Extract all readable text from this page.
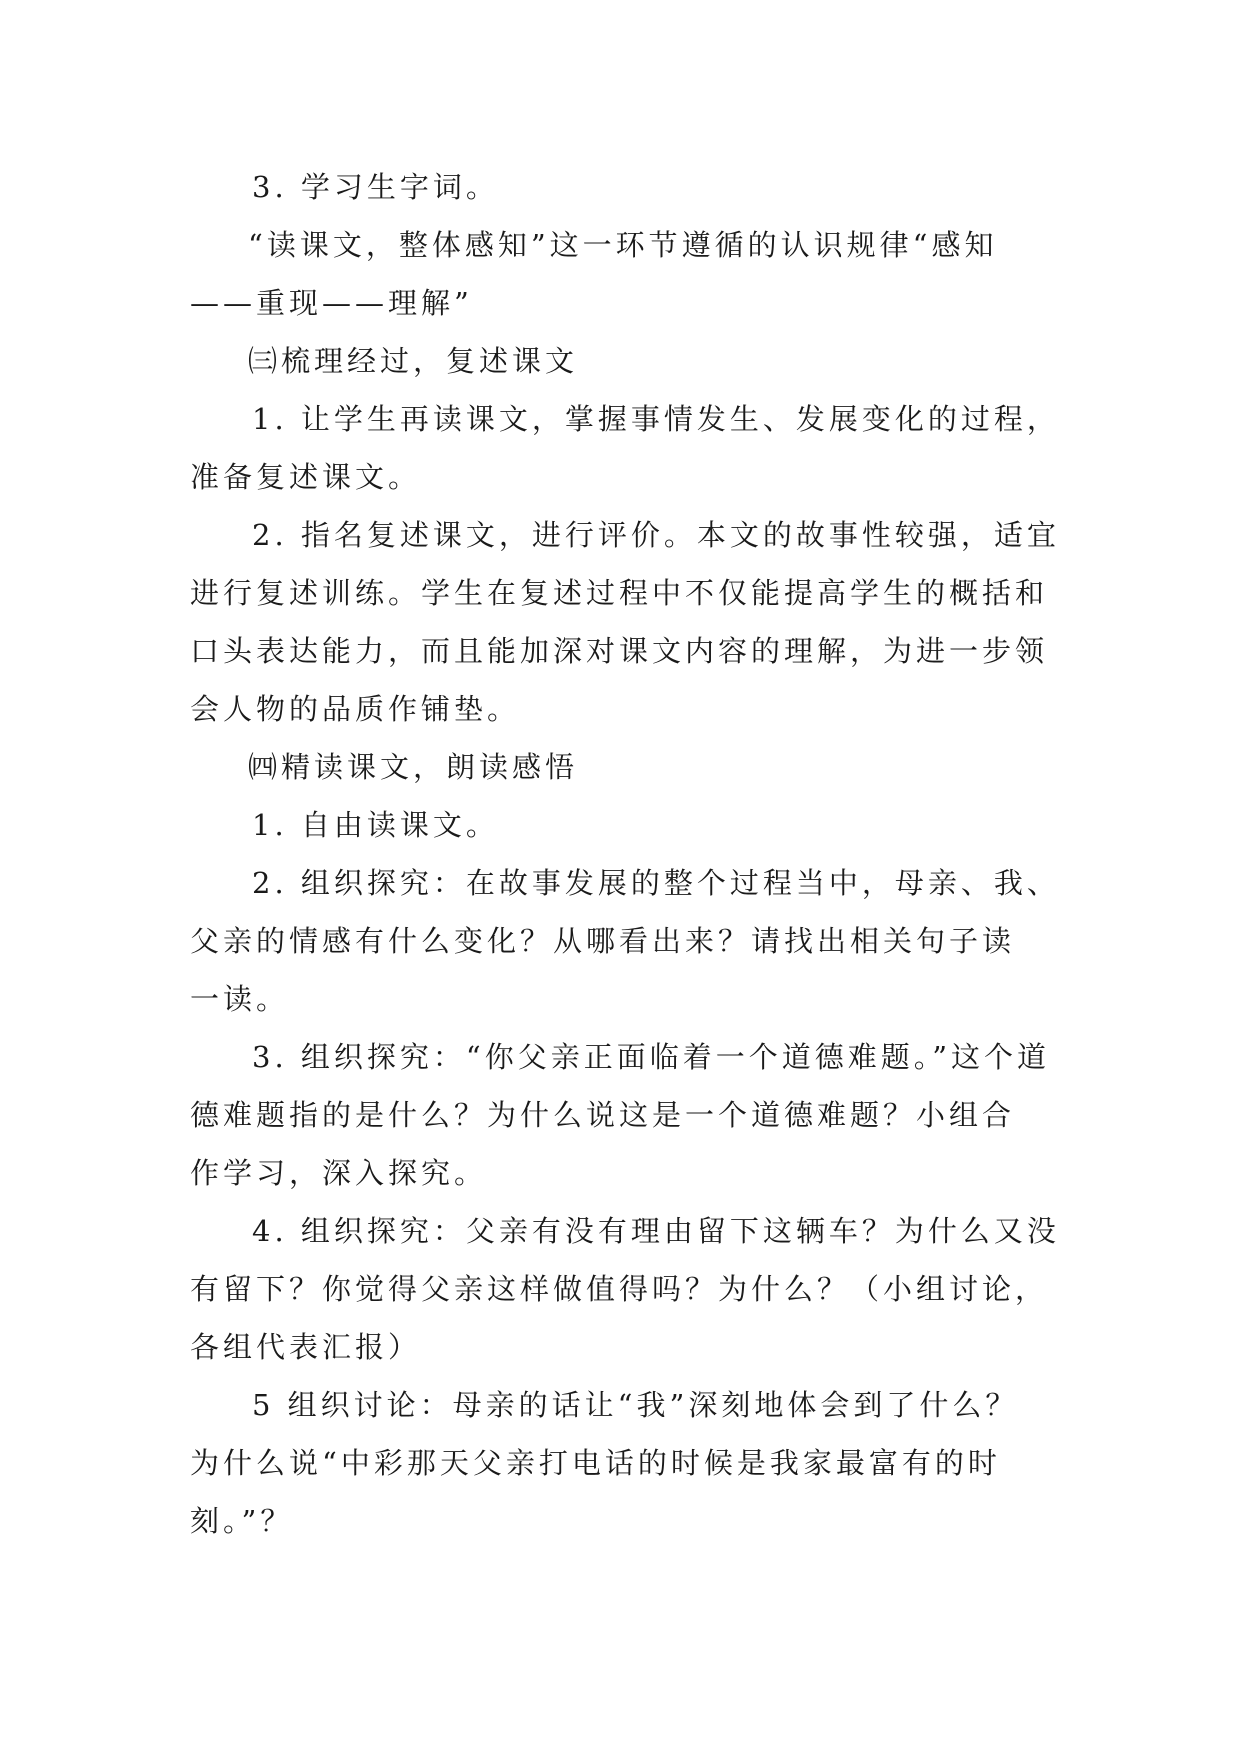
3. 学习生字词。
“读课文，整体感知”这一环节遵循的认识规律“感知
——重现——理解”
㈢梳理经过，复述课文
1. 让学生再读课文，掌握事情发生、发展变化的过程，
准备复述课文。
2. 指名复述课文，进行评价。本文的故事性较强，适宜
进行复述训练。学生在复述过程中不仅能提高学生的概括和
口头表达能力，而且能加深对课文内容的理解，为进一步领
会人物的品质作铺垫。
㈣精读课文，朗读感悟
1. 自由读课文。
2. 组织探究：在故事发展的整个过程当中，母亲、我、
父亲的情感有什么变化？从哪看出来？请找出相关句子读
一读。
3. 组织探究：“你父亲正面临着一个道德难题。”这个道
德难题指的是什么？为什么说这是一个道德难题？小组合
作学习，深入探究。
4. 组织探究：父亲有没有理由留下这辆车？为什么又没
有留下？你觉得父亲这样做值得吗？为什么？（小组讨论，
各组代表汇报）
5 组织讨论：母亲的话让“我”深刻地体会到了什么？
为什么说“中彩那天父亲打电话的时候是我家最富有的时
刻。”？
